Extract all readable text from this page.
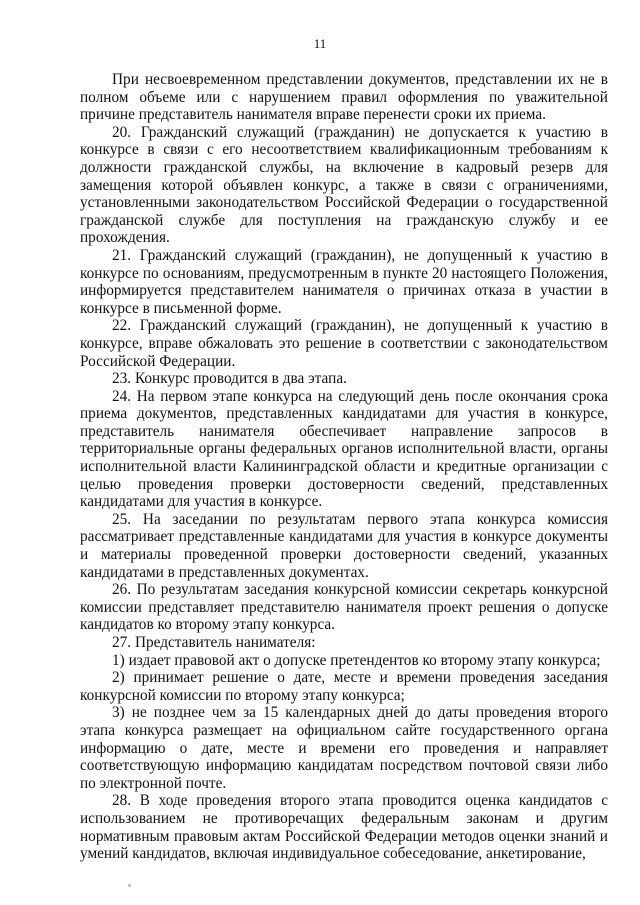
11

При несвоевременном представлении документов, представлении их не в полном объеме или с нарушением правил оформления по уважительной причине представитель нанимателя вправе перенести сроки их приема.

20. Гражданский служащий (гражданин) не допускается к участию в конкурсе в связи с его несоответствием квалификационным требованиям к должности гражданской службы, на включение в кадровый резерв для замещения которой объявлен конкурс, а также в связи с ограничениями, установленными законодательством Российской Федерации о государственной гражданской службе для поступления на гражданскую службу и ее прохождения.

21. Гражданский служащий (гражданин), не допущенный к участию в конкурсе по основаниям, предусмотренным в пункте 20 настоящего Положения, информируется представителем нанимателя о причинах отказа в участии в конкурсе в письменной форме.

22. Гражданский служащий (гражданин), не допущенный к участию в конкурсе, вправе обжаловать это решение в соответствии с законодательством Российской Федерации.

23. Конкурс проводится в два этапа.

24. На первом этапе конкурса на следующий день после окончания срока приема документов, представленных кандидатами для участия в конкурсе, представитель нанимателя обеспечивает направление запросов в территориальные органы федеральных органов исполнительной власти, органы исполнительной власти Калининградской области и кредитные организации с целью проведения проверки достоверности сведений, представленных кандидатами для участия в конкурсе.

25. На заседании по результатам первого этапа конкурса комиссия рассматривает представленные кандидатами для участия в конкурсе документы и материалы проведенной проверки достоверности сведений, указанных кандидатами в представленных документах.

26. По результатам заседания конкурсной комиссии секретарь конкурсной комиссии представляет представителю нанимателя проект решения о допуске кандидатов ко второму этапу конкурса.

27. Представитель нанимателя:

1) издает правовой акт о допуске претендентов ко второму этапу конкурса;

2) принимает решение о дате, месте и времени проведения заседания конкурсной комиссии по второму этапу конкурса;

3) не позднее чем за 15 календарных дней до даты проведения второго этапа конкурса размещает на официальном сайте государственного органа информацию о дате, месте и времени его проведения и направляет соответствующую информацию кандидатам посредством почтовой связи либо по электронной почте.

28. В ходе проведения второго этапа проводится оценка кандидатов с использованием не противоречащих федеральным законам и другим нормативным правовым актам Российской Федерации методов оценки знаний и умений кандидатов, включая индивидуальное собеседование, анкетирование,
